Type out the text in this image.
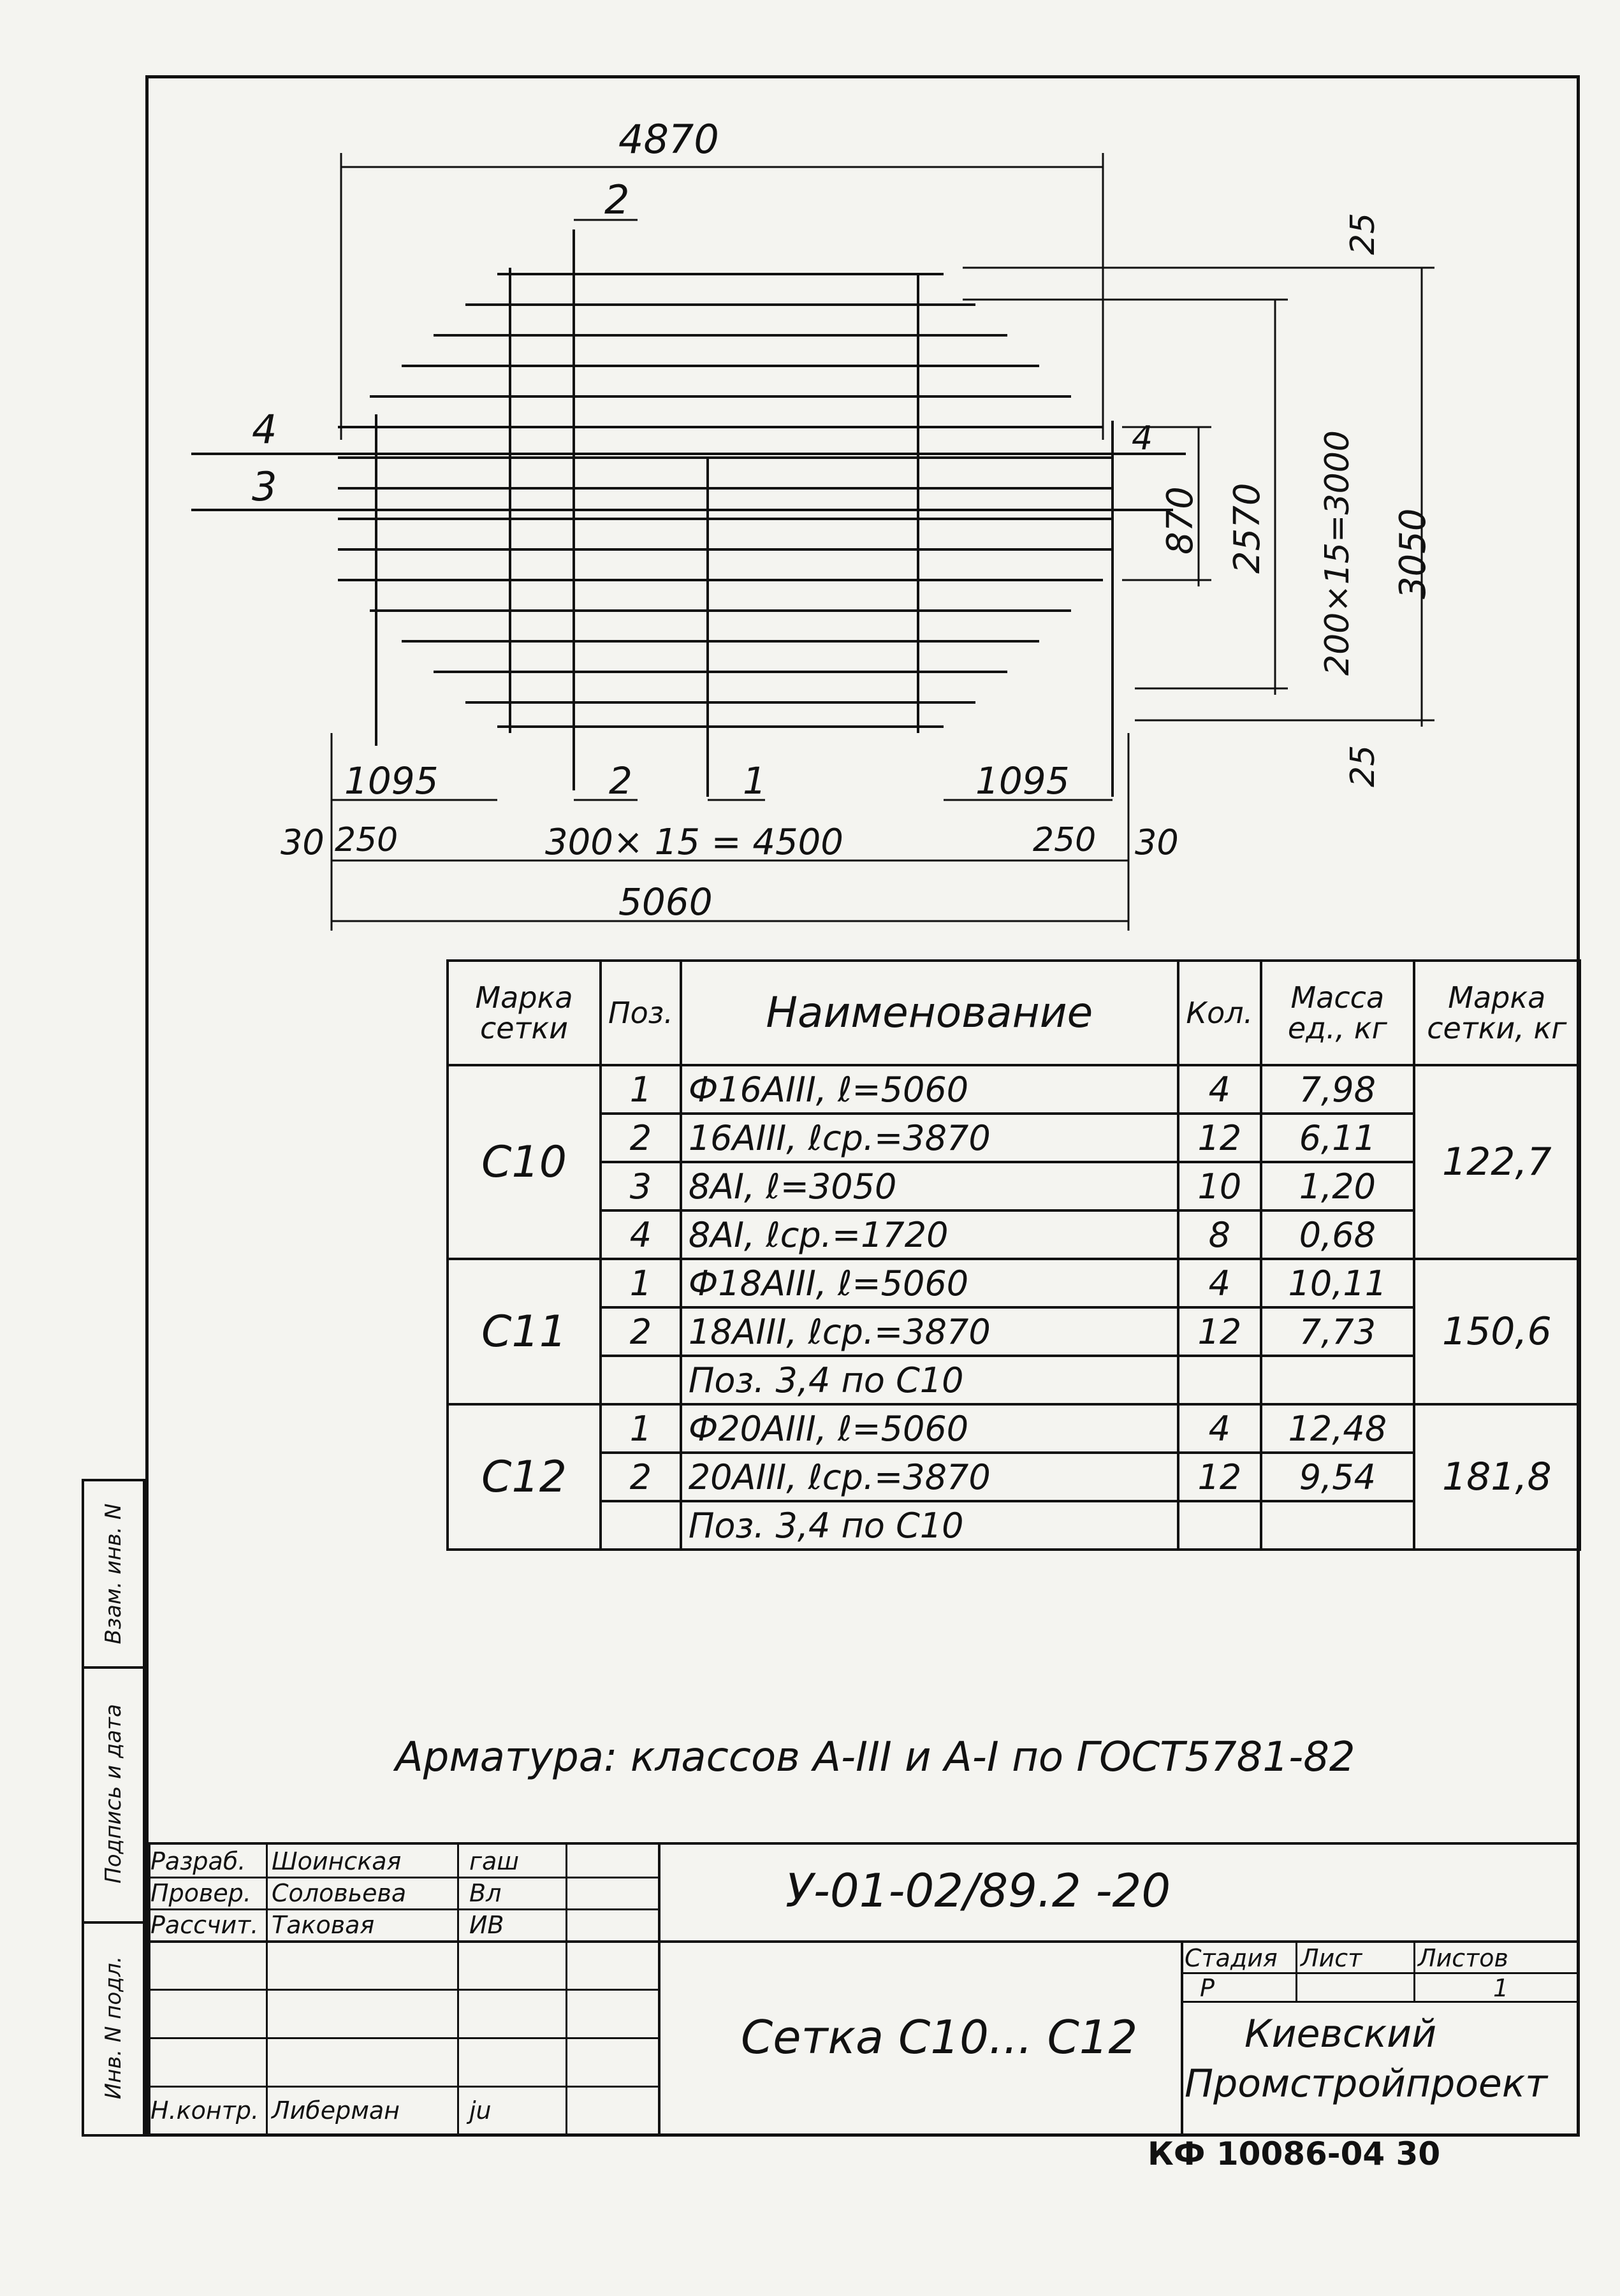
4870
2
4
3
4
25
25
870 2570 200×15=3000 3050
1095	1095
2	1
30 250	300× 15 = 4500	250 30
5060
Марка сетки	Поз.	Наименование	Кол.	Масса ед., кг	Марка сетки, кг
С10	1	Ф16АIII, ℓ=5060	4	7,98	122,7
	2	16АIII, ℓср.=3870	12	6,11	
	3	8АI, ℓ=3050	10	1,20	
	4	8АI, ℓср.=1720	8	0,68	
С11	1	Ф18АIII, ℓ=5060	4	10,11	150,6
	2	18АIII, ℓср.=3870	12	7,73	
		Поз. 3,4 по С10			
С12	1	Ф20АIII, ℓ=5060	4	12,48	181,8
	2	20АIII, ℓср.=3870	12	9,54	
		Поз. 3,4 по С10			
Арматура: классов А-III и А-I по ГОСТ5781-82
Разраб. Шоинская	гаш
Провер. Соловьева	Вл
Рассчит. Таковая	ИВ
Н.контр. Либерман	ju
У-01-02/89.2 -20
Сетка С10... С12
Стадия Лист Листов
Р	1
Киевский
Промстройпроект
Взам. инв. N
Подпись и дата
Инв. N подл.
КФ 10086-04 30
